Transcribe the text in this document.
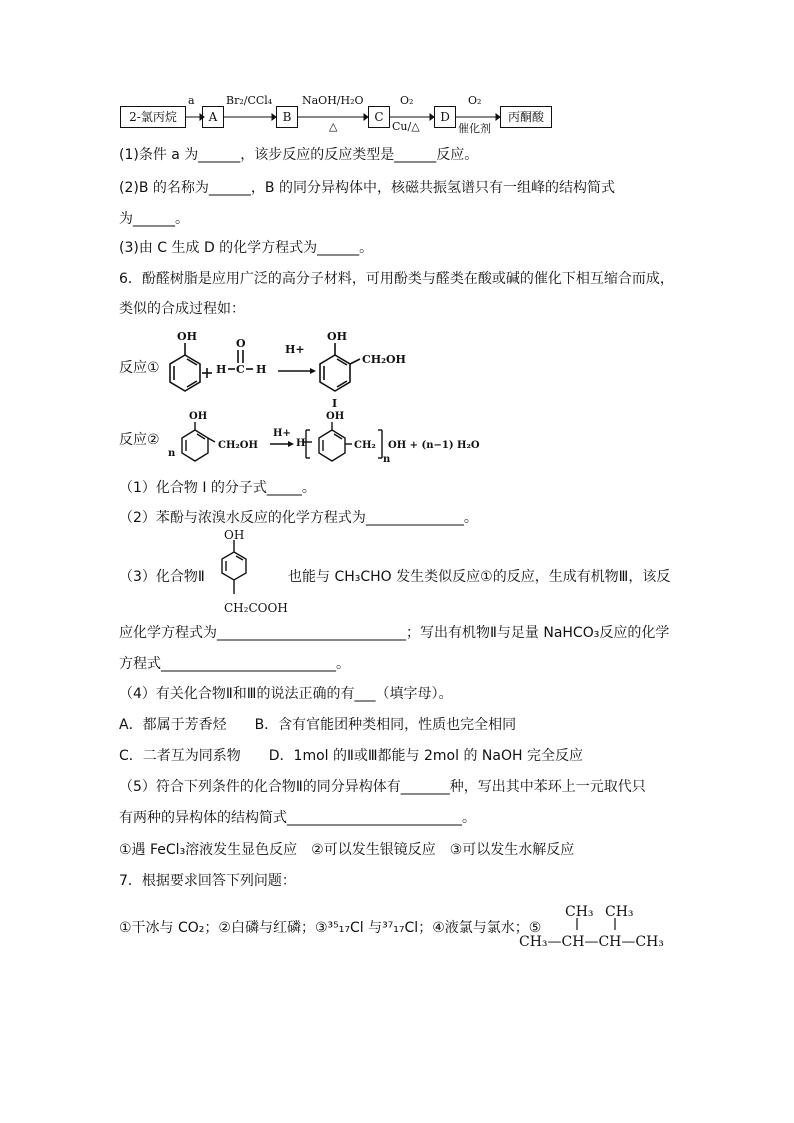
2-氯丙烷
a
A
Br₂/CCl₄
B
NaOH/H₂O
△
C
O₂
Cu/△
D
O₂
催化剂
丙酮酸
(1)条件 a 为______，该步反应的反应类型是______反应。
(2)B 的名称为______，B 的同分异构体中，核磁共振氢谱只有一组峰的结构简式
为______。
(3)由 C 生成 D 的化学方程式为______。
6．酚醛树脂是应用广泛的高分子材料，可用酚类与醛类在酸或碱的催化下相互缩合而成，
类似的合成过程如：
反应①
OH
H C
O
H
H+
OH
CH₂OH
I
反应②
OH
n
CH₂OH
H+
H
OH
CH₂
n
OH + (n−1) H₂O
（1）化合物 I 的分子式_____。
（2）苯酚与浓溴水反应的化学方程式为______________。
（3）化合物Ⅱ
OH
CH₂COOH
也能与 CH₃CHO 发生类似反应①的反应，生成有机物Ⅲ，该反
应化学方程式为___________________________；写出有机物Ⅱ与足量 NaHCO₃反应的化学
方程式_________________________。
（4）有关化合物Ⅱ和Ⅲ的说法正确的有___（填字母）。
A．都属于芳香烃　　B．含有官能团种类相同，性质也完全相同
C．二者互为同系物　　D．1mol 的Ⅱ或Ⅲ都能与 2mol 的 NaOH 完全反应
（5）符合下列条件的化合物Ⅱ的同分异构体有_______种，写出其中苯环上一元取代只
有两种的异构体的结构简式_________________________。
①遇 FeCl₃溶液发生显色反应　②可以发生银镜反应　③可以发生水解反应
7．根据要求回答下列问题：
①干冰与 CO₂；②白磷与红磷；③³⁵₁₇Cl 与³⁷₁₇Cl；④液氯与氯水；⑤
CH₃ CH₃
CH₃—CH—CH—CH₃
